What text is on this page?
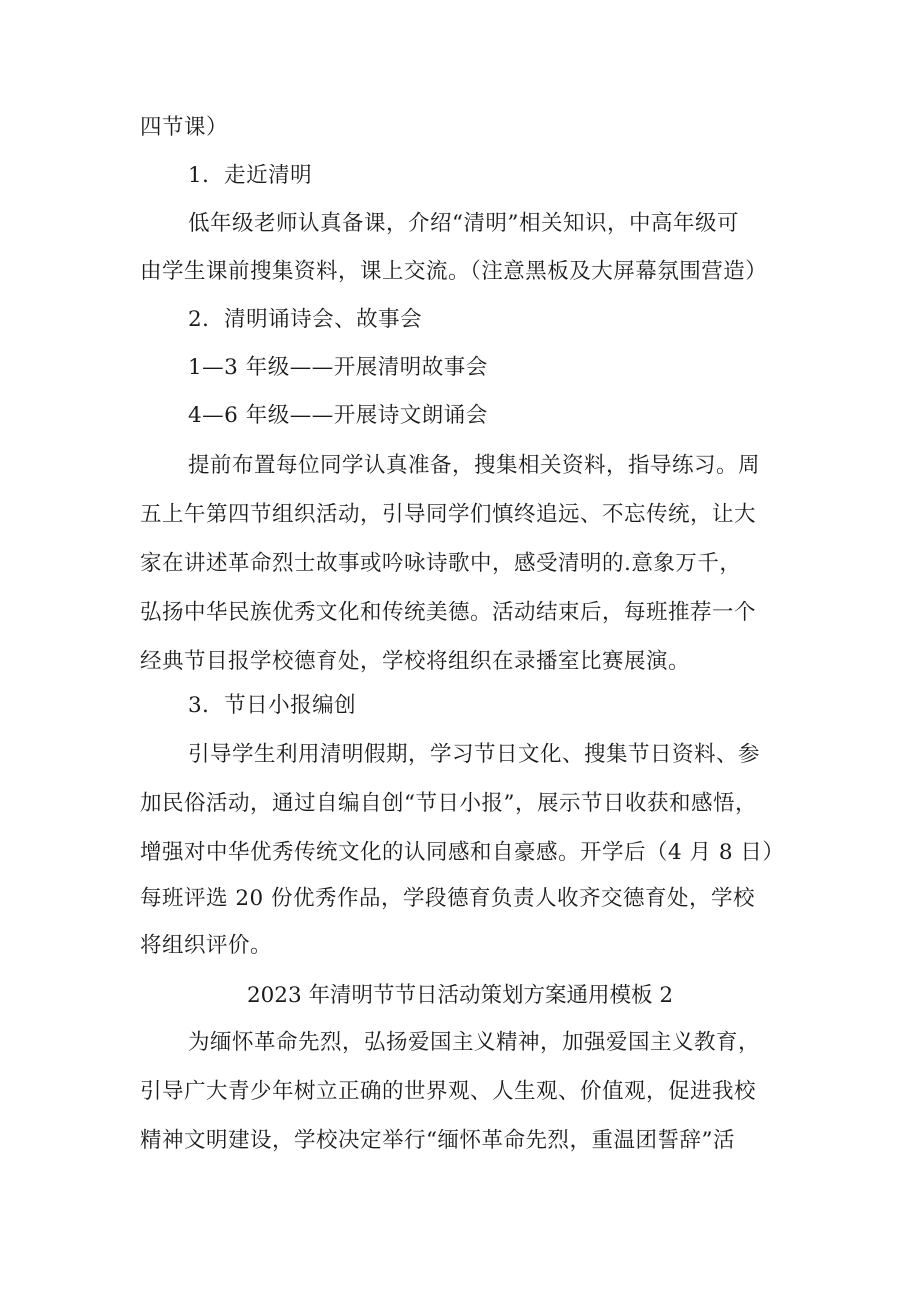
四节课）

1．走近清明

低年级老师认真备课，介绍“清明”相关知识，中高年级可

由学生课前搜集资料，课上交流。（注意黑板及大屏幕氛围营造）

2．清明诵诗会、故事会

1—3 年级——开展清明故事会

4—6 年级——开展诗文朗诵会

提前布置每位同学认真准备，搜集相关资料，指导练习。周

五上午第四节组织活动，引导同学们慎终追远、不忘传统，让大

家在讲述革命烈士故事或吟咏诗歌中，感受清明的.意象万千，

弘扬中华民族优秀文化和传统美德。活动结束后，每班推荐一个

经典节目报学校德育处，学校将组织在录播室比赛展演。

3．节日小报编创

引导学生利用清明假期，学习节日文化、搜集节日资料、参

加民俗活动，通过自编自创“节日小报”，展示节日收获和感悟，

增强对中华优秀传统文化的认同感和自豪感。开学后（4 月 8 日）

每班评选 20 份优秀作品，学段德育负责人收齐交德育处，学校

将组织评价。

2023 年清明节节日活动策划方案通用模板 2

为缅怀革命先烈，弘扬爱国主义精神，加强爱国主义教育，

引导广大青少年树立正确的世界观、人生观、价值观，促进我校

精神文明建设，学校决定举行“缅怀革命先烈，重温团誓辞”活
